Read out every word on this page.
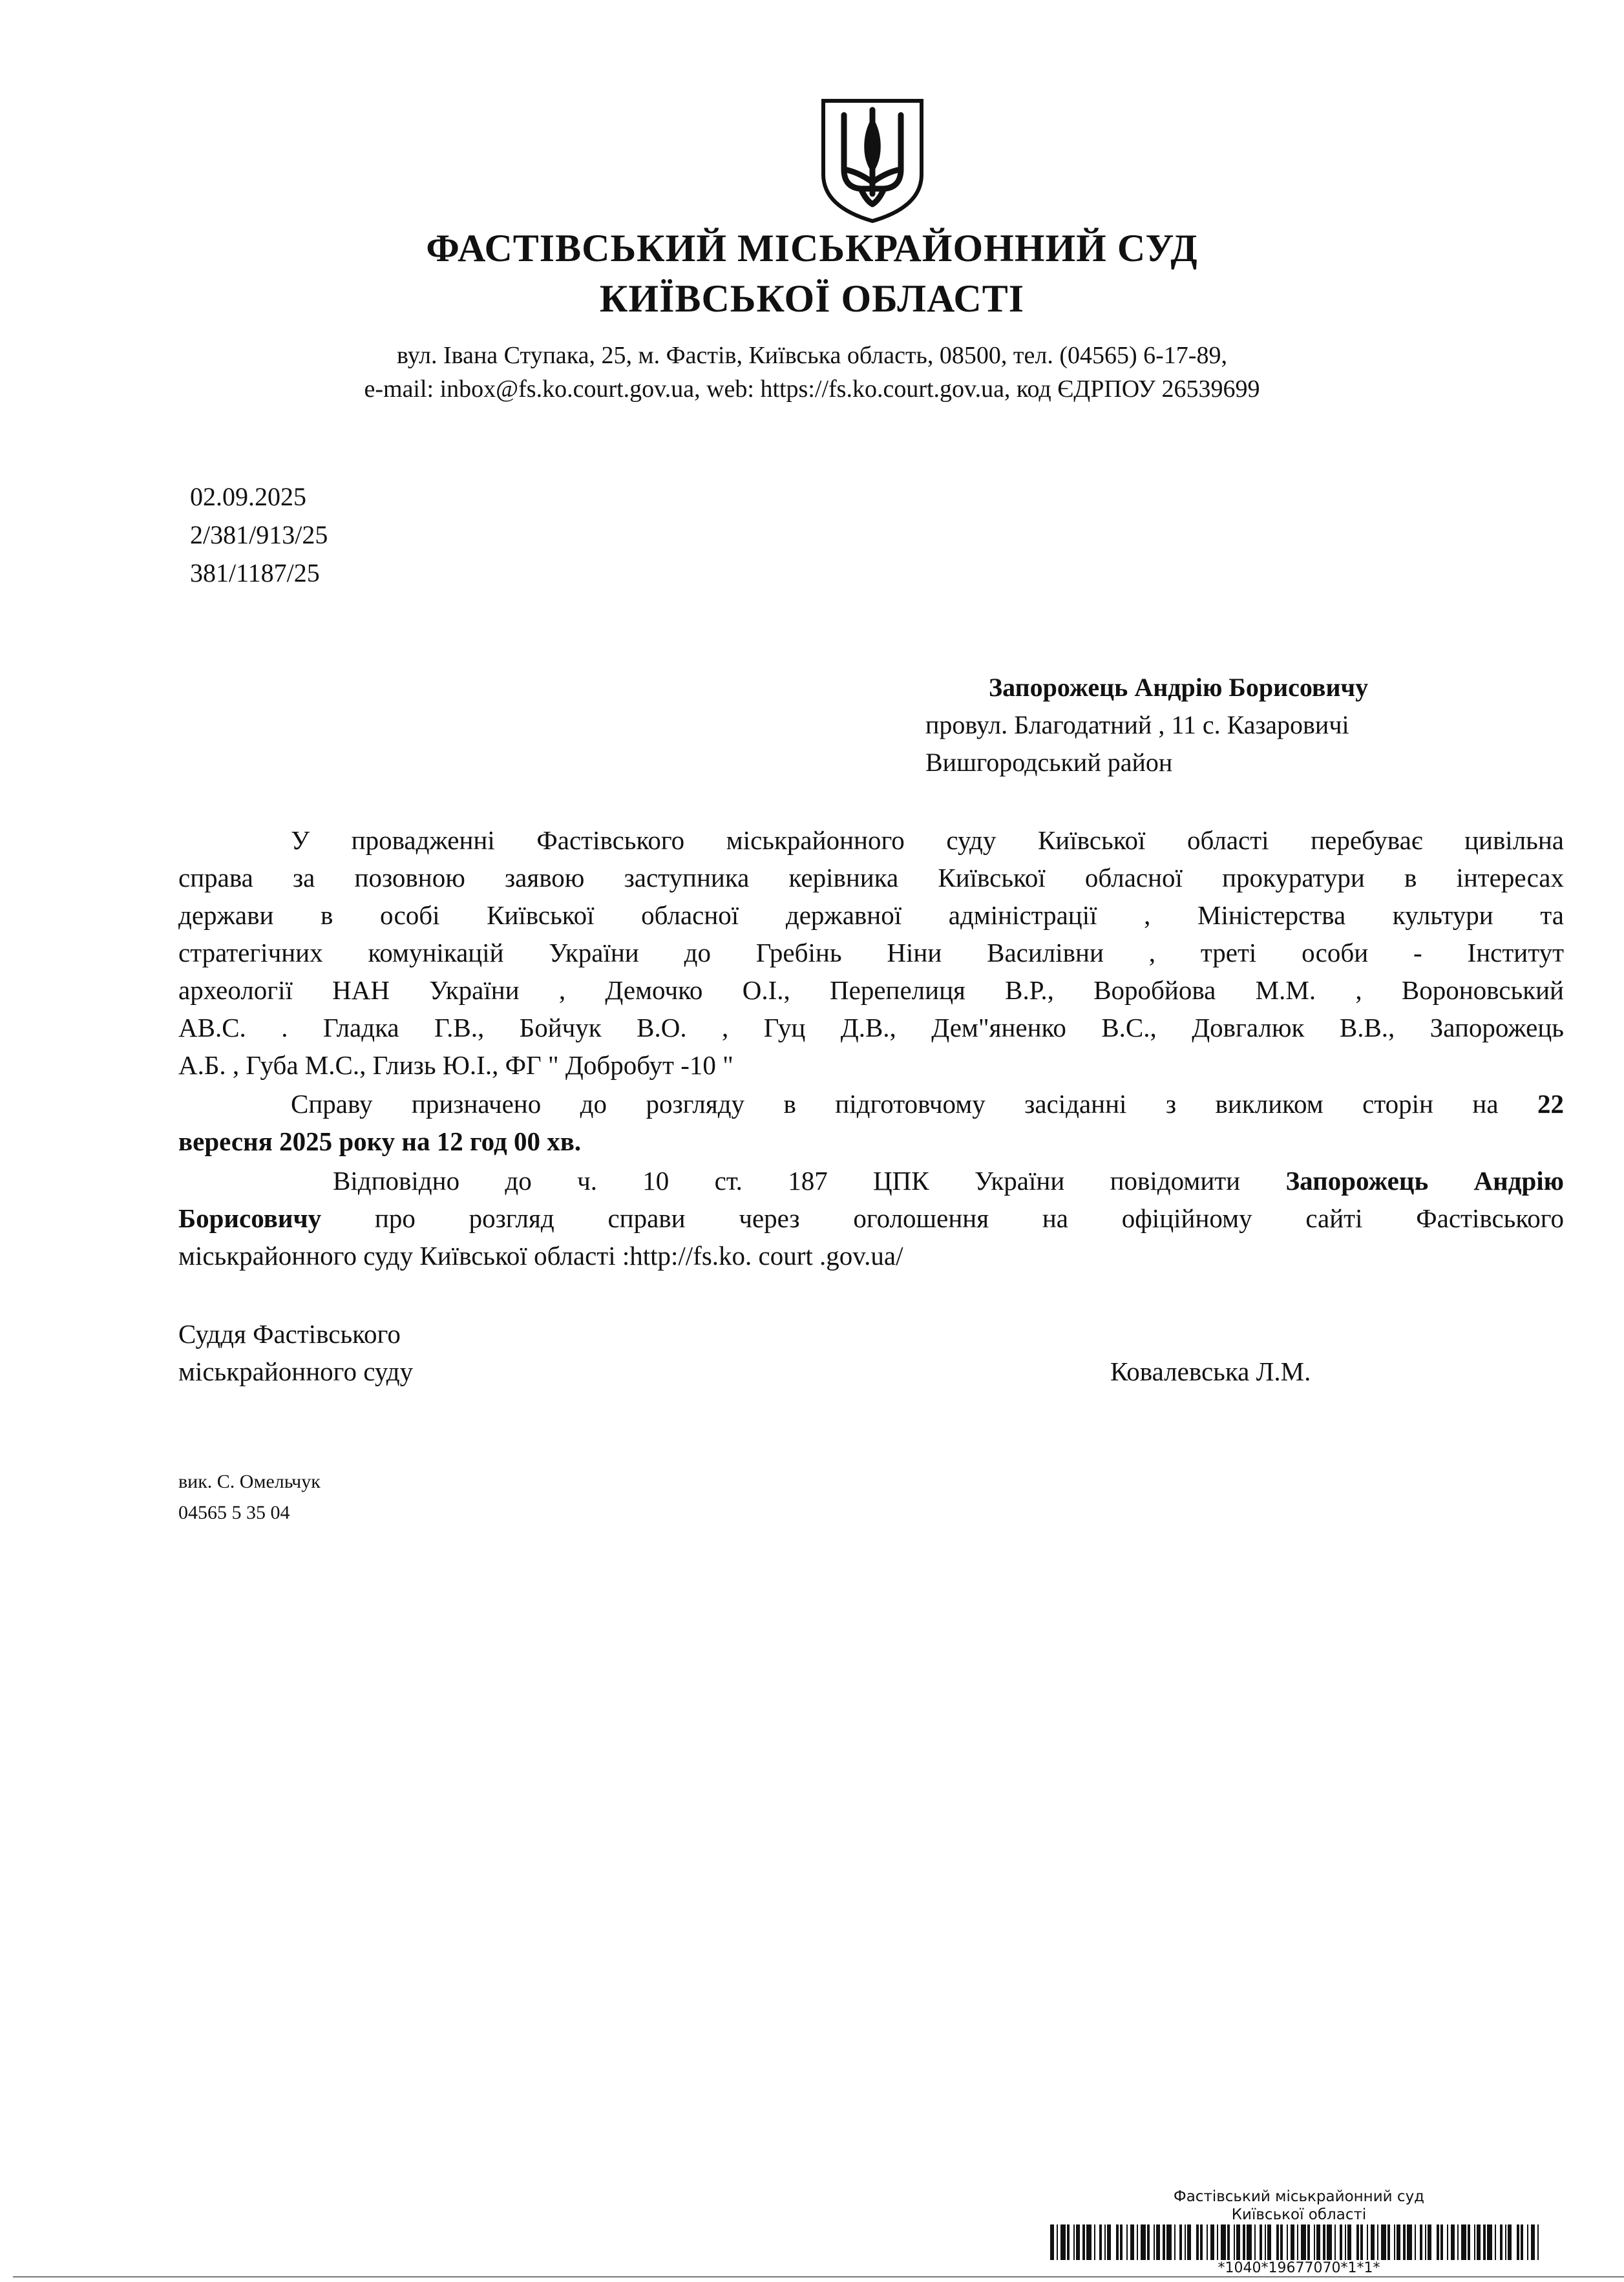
ФАСТІВСЬКИЙ МІСЬКРАЙОННИЙ СУД
КИЇВСЬКОЇ ОБЛАСТІ
вул. Івана Ступака, 25, м. Фастів, Київська область, 08500, тел. (04565) 6-17-89,
e-mail: inbox@fs.ko.court.gov.ua, web: https://fs.ko.court.gov.ua, код ЄДРПОУ 26539699
02.09.2025
2/381/913/25
381/1187/25
Запорожець Андрію Борисовичу
провул. Благодатний , 11 с. Казаровичі
Вишгородський район
У провадженні Фастівського міськрайонного суду Київської області перебуває цивільна
справа за позовною заявою заступника керівника Київської обласної прокуратури в інтересах
держави в особі Київської обласної державної адміністрації , Міністерства культури та
стратегічних комунікацій України до Гребінь Ніни Василівни , треті особи - Інститут
археології НАН України , Демочко О.І., Перепелиця В.Р., Воробйова М.М. , Вороновський
АВ.С. . Гладка Г.В., Бойчук В.О. , Гуц Д.В., Дем"яненко В.С., Довгалюк В.В., Запорожець
А.Б. , Губа М.С., Глизь Ю.І., ФГ " Добробут -10 "
Справу призначено до розгляду в підготовчому засіданні з викликом сторін на 22
вересня 2025 року на 12 год 00 хв.
Відповідно до ч. 10 ст. 187 ЦПК України повідомити Запорожець Андрію
Борисовичу про розгляд справи через оголошення на офіційному сайті Фастівського
міськрайонного суду Київської області :http://fs.ko. court .gov.ua/
Суддя Фастівського
міськрайонного суду	Ковалевська Л.М.
вик. С. Омельчук
04565 5 35 04
Фастівський міськрайонний суд
Київської області
*1040*19677070*1*1*
